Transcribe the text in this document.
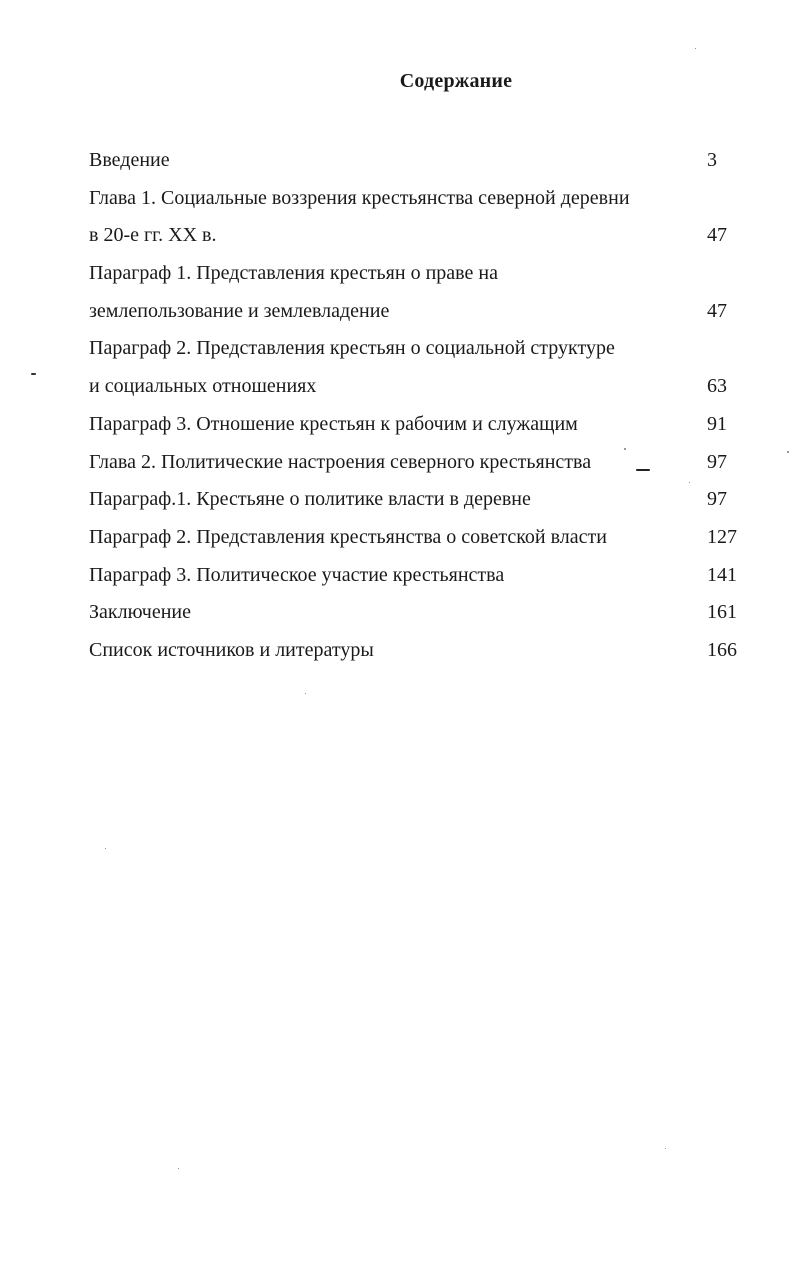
Содержание
Введение	3
Глава 1. Социальные воззрения крестьянства северной деревни
в 20-е гг. XX в.	47
Параграф 1. Представления крестьян о праве на
землепользование и землевладение	47
Параграф 2. Представления крестьян о социальной структуре
и социальных отношениях	63
Параграф 3. Отношение крестьян к рабочим и служащим	91
Глава 2. Политические настроения северного крестьянства	97
Параграф.1. Крестьяне о политике власти в деревне	97
Параграф 2. Представления крестьянства о советской власти	127
Параграф 3. Политическое участие крестьянства	141
Заключение	161
Список источников и литературы	166
